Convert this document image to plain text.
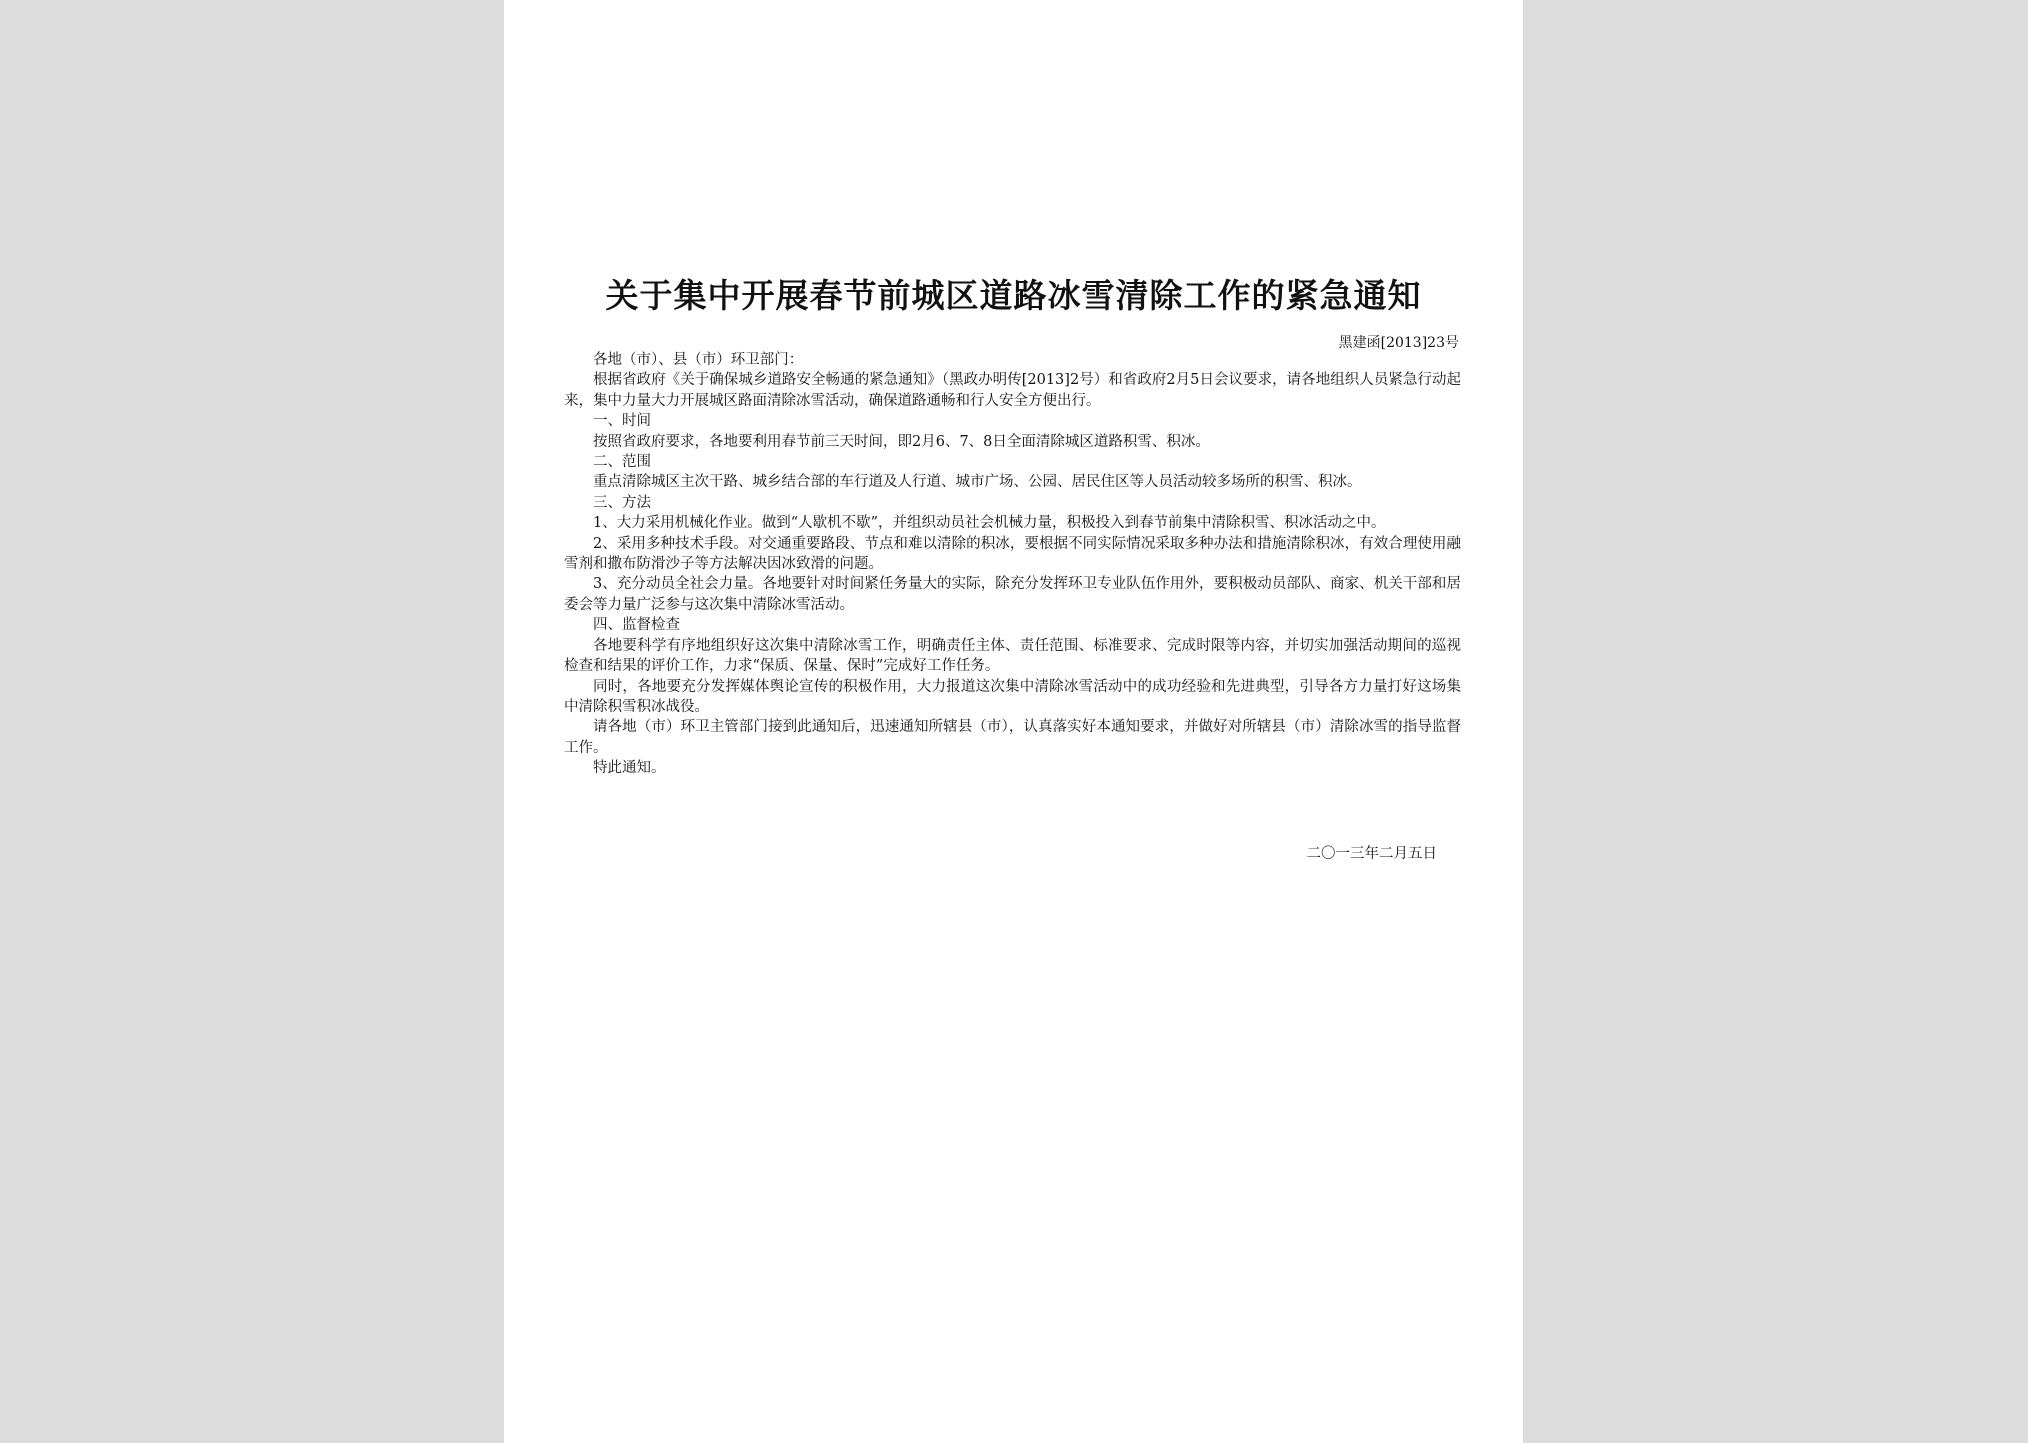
关于集中开展春节前城区道路冰雪清除工作的紧急通知
黑建函[2013]23号

各地（市）、县（市）环卫部门：

根据省政府《关于确保城乡道路安全畅通的紧急通知》（黑政办明传[2013]2号）和省政府2月5日会议要求，请各地组织人员紧急行动起来，集中力量大力开展城区路面清除冰雪活动，确保道路通畅和行人安全方便出行。

一、时间

按照省政府要求，各地要利用春节前三天时间，即2月6、7、8日全面清除城区道路积雪、积冰。

二、范围

重点清除城区主次干路、城乡结合部的车行道及人行道、城市广场、公园、居民住区等人员活动较多场所的积雪、积冰。

三、方法

1、大力采用机械化作业。做到“人歇机不歇”，并组织动员社会机械力量，积极投入到春节前集中清除积雪、积冰活动之中。

2、采用多种技术手段。对交通重要路段、节点和难以清除的积冰，要根据不同实际情况采取多种办法和措施清除积冰，有效合理使用融雪剂和撒布防滑沙子等方法解决因冰致滑的问题。

3、充分动员全社会力量。各地要针对时间紧任务量大的实际，除充分发挥环卫专业队伍作用外，要积极动员部队、商家、机关干部和居委会等力量广泛参与这次集中清除冰雪活动。

四、监督检查

各地要科学有序地组织好这次集中清除冰雪工作，明确责任主体、责任范围、标准要求、完成时限等内容，并切实加强活动期间的巡视检查和结果的评价工作，力求“保质、保量、保时”完成好工作任务。

同时，各地要充分发挥媒体舆论宣传的积极作用，大力报道这次集中清除冰雪活动中的成功经验和先进典型，引导各方力量打好这场集中清除积雪积冰战役。

请各地（市）环卫主管部门接到此通知后，迅速通知所辖县（市），认真落实好本通知要求，并做好对所辖县（市）清除冰雪的指导监督工作。

特此通知。

二〇一三年二月五日
